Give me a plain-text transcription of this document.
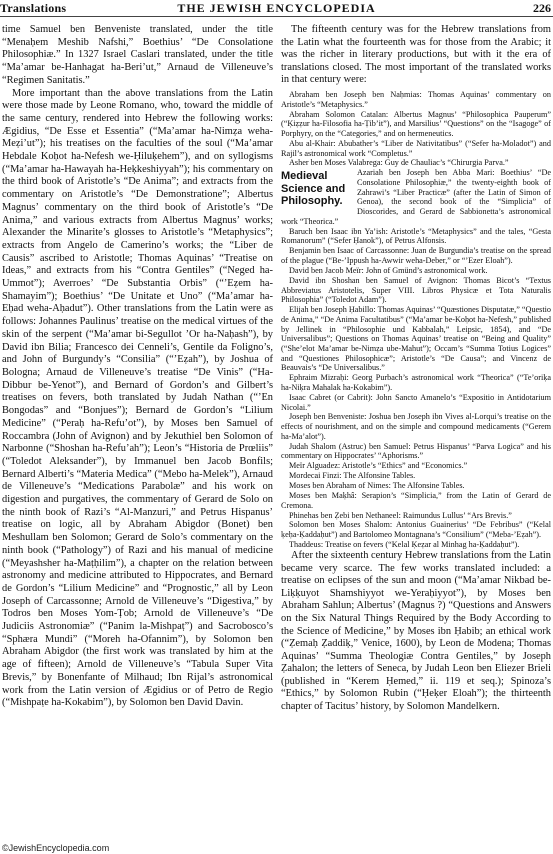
Translations	THE JEWISH ENCYCLOPEDIA	226

time Samuel ben Benveniste translated, under the title “Menaḥem Meshib Nafshi,” Boethius’ “De Consolatione Philosophiæ.” In 1327 Israel Caslari translated, under the title “Ma’amar be-Hanhagat ha-Beri’ut,” Arnaud de Villeneuve’s “Regimen Sanitatis.”

More important than the above translations from the Latin were those made by Leone Romano, who, toward the middle of the same century, rendered into Hebrew the following works: Ægidius, “De Esse et Essentia” (“Ma’amar ha-Nimẓa weha-Meẓi’ut”); his treatises on the faculties of the soul (“Ma’amar Hebdale Koḥot ha-Nefesh we-Ḥiluḳehem”), and on syllogisms (“Ma’amar ha-Hawayah ha-Heḳkeshiyyah”); his commentary on the third book of Aristotle’s “De Anima”; and extracts from the commentary on Aristotle’s “De Demonstratione”; Albertus Magnus’ commentary on the third book of Aristotle’s “De Anima,” and various extracts from Albertus Magnus’ works; Alexander the Minarite’s glosses to Aristotle’s “Metaphysics”; extracts from Angelo de Camerino’s works; the “Liber de Causis” ascribed to Aristotle; Thomas Aquinas’ “Treatise on Ideas,” and extracts from his “Contra Gentiles” (“Neged ha-Ummot”); Averroes’ “De Substantia Orbis” (“’Eẓem ha-Shamayim”); Boethius’ “De Unitate et Uno” (“Ma’amar ha-Eḥad weha-Aḥadut”). Other translations from the Latin were as follows: Johannes Paulinus’ treatise on the medical virtues of the skin of the serpent (“Ma’amar bi-Segullot ’Or ha-Naḥash”), by David ibn Bilia; Francesco dei Cenneli’s, Gentile da Foligno’s, and John of Burgundy’s “Consilia” (“’Eẓah”), by Joshua of Bologna; Arnaud de Villeneuve’s treatise “De Vinis” (“Ha-Dibbur be-Yenot”), and Bernard of Gordon’s and Gilbert’s treatises on fevers, both translated by Judah Nathan (“’En Bongodas” and “Bonjues”); Bernard de Gordon’s “Lilium Medicine” (“Peraḥ ha-Refu’ot”), by Moses ben Samuel of Roccambra (John of Avignon) and by Jekuthiel ben Solomon of Narbonne (“Shoshan ha-Refu’ah”); Leon’s “Historia de Prœliis” (“Toledot Aleksander”), by Immanuel ben Jacob Bonfils; Bernard Alberti’s “Materia Medica” (“Mebo ha-Melek”), Arnaud de Villeneuve’s “Medications Parabolæ” and his work on digestion and purgatives, the commentary of Gerard de Solo on the ninth book of Razi’s “Al-Manzuri,” and Petrus Hispanus’ treatise on logic, all by Abraham Abigdor (Bonet) ben Meshullam ben Solomon; Gerard de Solo’s commentary on the ninth book (“Pathology”) of Razi and his manual of medicine (“Meyashsher ha-Maṭḥilim”), a chapter on the relation between astronomy and medicine attributed to Hippocrates, and Bernard de Gordon’s “Lilium Medicine” and “Prognostic,” all by Leon Joseph of Carcassonne; Arnold de Villeneuve’s “Digestiva,” by Todros ben Moses Yom-Ṭob; Arnold de Villeneuve’s “De Judiciis Astronomiæ” (“Panim la-Mishpaṭ”) and Sacrobosco’s “Sphæra Mundi” (“Moreh ha-Ofannim”), by Solomon ben Abraham Abigdor (the first work was translated by him at the age of fifteen); Arnold de Villeneuve’s “Tabula Super Vita Brevis,” by Bonenfante of Milhaud; Ibn Rijal’s astronomical work from the Latin version of Ægidius or of Petro de Regio (“Mishpaṭe ha-Kokabim”), by Solomon ben David Davin.

The fifteenth century was for the Hebrew translations from the Latin what the fourteenth was for those from the Arabic; it was the richer in literary productions, but with it the era of translations closed. The most important of the translated works in that century were:

Abraham ben Joseph ben Naḥmias: Thomas Aquinas’ commentary on Aristotle’s “Metaphysics.”

Abraham Solomon Catalan: Albertus Magnus’ “Philosophica Pauperum” (“Ḳiẓẓur ha-Filosofia ha-Ṭib’it”), and Marsilius’ “Questions” on the “Isagoge” of Porphyry, on the “Categories,” and on hermeneutics.

Abu al-Khair: Abubather’s “Liber de Nativitatibus” (“Sefer ha-Moladot”) and Rajil’s astronomical work “Completus.”

Asher ben Moses Valabrega: Guy de Chauliac’s “Chirurgia Parva.”

Medieval Science and Philosophy.

Azariah ben Joseph ben Abba Mari: Boethius’ “De Consolatione Philosophiæ,” the twenty-eighth book of Zahrawi’s “Liber Practicæ” (after the Latin of Simon of Genoa), the second book of the “Simplicia” of Dioscorides, and Gerard de Sabbionetta’s astronomical work “Theorica.”

Baruch ben Isaac ibn Ya’ish: Aristotle’s “Metaphysics” and the tales, “Gesta Romanorum” (“Sefer Ḥanok”), of Petrus Alfonsis.

Benjamin ben Isaac of Carcassonne: Juan de Burgundia’s treatise on the spread of the plague (“Be-’Ippush ha-Awwir weha-Deber,” or “’Ezer Eloah”).

David ben Jacob Meïr: John of Gmünd’s astronomical work.

David ibn Shoshan ben Samuel of Avignon: Thomas Bicot’s “Textus Abbreviatus Aristotelis, Super VIII. Libros Physicæ et Tota Naturalis Philosophia” (“Toledot Adam”).

Elijah ben Joseph Ḥabillo: Thomas Aquinas’ “Quæstiones Disputatæ,” “Questio de Anima,” “De Anima Facultatibus” (“Ma’amar be-Koḥot ha-Nefesh,” published by Jellinek in “Philosophie und Kabbalah,” Leipsic, 1854), and “De Universalibus”; Questions on Thomas Aquinas’ treatise on “Being and Quality” (“She’elot Ma’amar be-Nimẓa ube-Mahut”); Occam’s “Summa Totius Logices” and “Questiones Philosophicæ”; Aristotle’s “De Causa”; and Vincenz de Beauvais’s “De Universalibus.”

Ephraim Mizraḥi: Georg Purbach’s astronomical work “Theorica” (“Te’oriḳa ha-Niḳra Mahalak ha-Kokabim”).

Isaac Cabret (or Cabrit): John Sancto Amanelo’s “Expositio in Antidotarium Nicolai.”

Joseph ben Benveniste: Joshua ben Joseph ibn Vives al-Lorqui’s treatise on the effects of nourishment, and on the simple and compound medicaments (“Gerem ha-Ma’alot”).

Judah Shalom (Astruc) ben Samuel: Petrus Hispanus’ “Parva Logica” and his commentary on Hippocrates’ “Aphorisms.”

Meïr Alguadez: Aristotle’s “Ethics” and “Economics.”

Mordecai Finzi: The Alfonsine Tables.

Moses ben Abraham of Nimes: The Alfonsine Tables.

Moses ben Maḳhâ: Serapion’s “Simplicia,” from the Latin of Gerard de Cremona.

Phinehas ben Ẓebi ben Nethaneel: Raimundus Lullus’ “Ars Brevis.”

Solomon ben Moses Shalom: Antonius Guainerius’ “De Febribus” (“Kelal ḳeḥa-Ḳaddaḥut”) and Bartolomeo Montagnana’s “Consilium” (“Meba-’Eẓah”).

Thaddeus: Treatise on fevers (“Kelal Ḳeẓar al Minhag ha-Ḳaddaḥut”).

After the sixteenth century Hebrew translations from the Latin became very scarce. The few works translated included: a treatise on eclipses of the sun and moon (“Ma’amar Nikbad be-Liḳḳuyot Shamshiyyot we-Yeraḥiyyot”), by Moses ben Abraham Sahlun; Albertus’ (Magnus ?) “Questions and Answers on the Six Natural Things Required by the Body According to the Science of Medicine,” by Moses ibn Ḥabib; an ethical work (“Ẓemaḥ Ẓaddiḳ,” Venice, 1600), by Leon de Modena; Thomas Aquinas’ “Summa Theologiæ Contra Gentiles,” by Joseph Ẓahalon; the letters of Seneca, by Judah Leon ben Eliezer Brieli (published in “Kerem Ḥemed,” ii. 119 et seq.); Spinoza’s “Ethics,” by Solomon Rubin (“Ḥeḳer Eloah”); the thirteenth chapter of Tacitus’ history, by Solomon Mandelkern.

©JewishEncyclopedia.com
